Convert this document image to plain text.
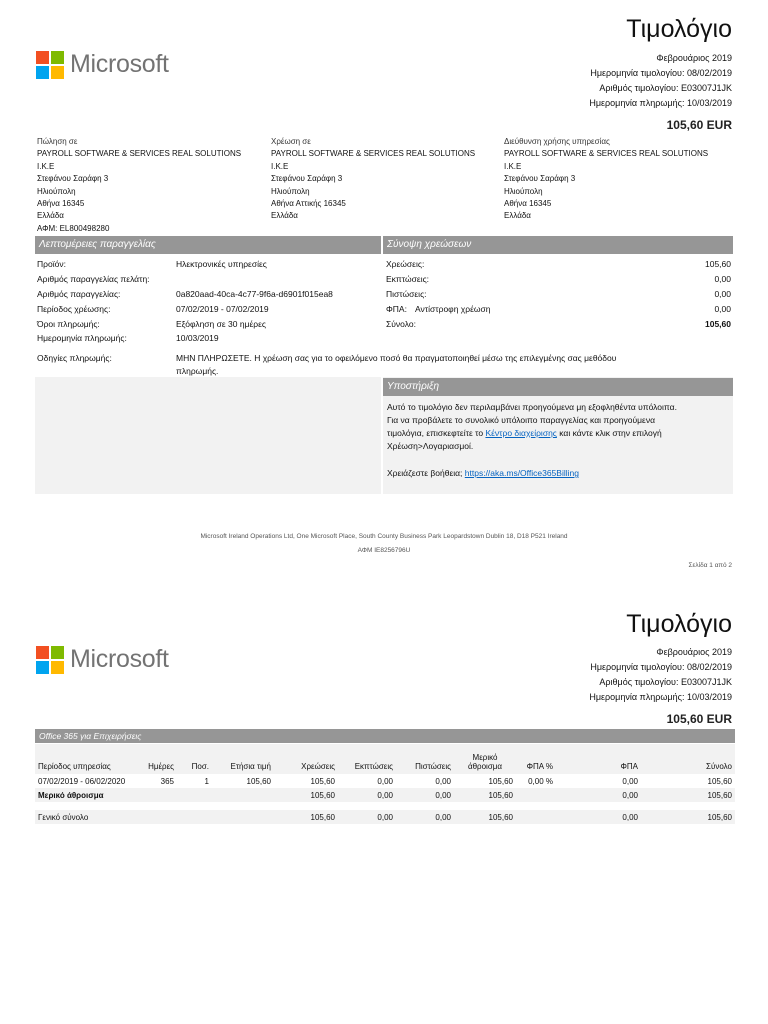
Microsoft
Τιμολόγιο
Φεβρουάριος 2019
Ημερομηνία τιμολογίου: 08/02/2019
Αριθμός τιμολογίου: E03007J1JK
Ημερομηνία πληρωμής: 10/03/2019
105,60 EUR
Πώληση σε
PAYROLL SOFTWARE & SERVICES REAL SOLUTIONS
I.K.E
Στεφάνου Σαράφη 3
Ηλιούπολη
Αθήνα 16345
Ελλάδα
ΑΦΜ: EL800498280
Χρέωση σε
PAYROLL SOFTWARE & SERVICES REAL SOLUTIONS
I.K.E
Στεφάνου Σαράφη 3
Ηλιούπολη
Αθήνα Αττικής 16345
Ελλάδα
Διεύθυνση χρήσης υπηρεσίας
PAYROLL SOFTWARE & SERVICES REAL SOLUTIONS
I.K.E
Στεφάνου Σαράφη 3
Ηλιούπολη
Αθήνα 16345
Ελλάδα
Λεπτομέρειες παραγγελίας	Σύνοψη χρεώσεων
Προϊόν:	Ηλεκτρονικές υπηρεσίες
Αριθμός παραγγελίας πελάτη:
Αριθμός παραγγελίας:	0a820aad-40ca-4c77-9f6a-d6901f015ea8
Περίοδος χρέωσης:	07/02/2019 - 07/02/2019
Όροι πληρωμής:	Εξόφληση σε 30 ημέρες
Ημερομηνία πληρωμής:	10/03/2019
Χρεώσεις:	105,60
Εκπτώσεις:	0,00
Πιστώσεις:	0,00
ΦΠΑ: Αντίστροφη χρέωση	0,00
Σύνολο:	105,60
Οδηγίες πληρωμής:	ΜΗΝ ΠΛΗΡΩΣΕΤΕ. Η χρέωση σας για το οφειλόμενο ποσό θα πραγματοποιηθεί μέσω της επιλεγμένης σας μεθόδου
πληρωμής.
Υποστήριξη
Αυτό το τιμολόγιο δεν περιλαμβάνει προηγούμενα μη εξοφληθέντα υπόλοιπα.
Για να προβάλετε το συνολικό υπόλοιπο παραγγελίας και προηγούμενα
τιμολόγια, επισκεφτείτε το Κέντρο διαχείρισης και κάντε κλικ στην επιλογή
Χρέωση>Λογαριασμοί.
Χρειάζεστε βοήθεια; https://aka.ms/Office365Billing
Microsoft Ireland Operations Ltd, One Microsoft Place, South County Business Park Leopardstown Dublin 18, D18 P521 Ireland
ΑΦΜ IE8256796U
Σελίδα 1 από 2
Microsoft
Τιμολόγιο
Φεβρουάριος 2019
Ημερομηνία τιμολογίου: 08/02/2019
Αριθμός τιμολογίου: E03007J1JK
Ημερομηνία πληρωμής: 10/03/2019
105,60 EUR
Office 365 για Επιχειρήσεις
Περίοδος υπηρεσίας	Ημέρες	Ποσ.	Ετήσια τιμή	Χρεώσεις	Εκπτώσεις	Πιστώσεις	Μερικό άθροισμα	ΦΠΑ %	ΦΠΑ	Σύνολο
07/02/2019 - 06/02/2020	365	1	105,60	105,60	0,00	0,00	105,60	0,00 %	0,00	105,60
Μερικό άθροισμα				105,60	0,00	0,00	105,60		0,00	105,60

Γενικό σύνολο				105,60	0,00	0,00	105,60		0,00	105,60
